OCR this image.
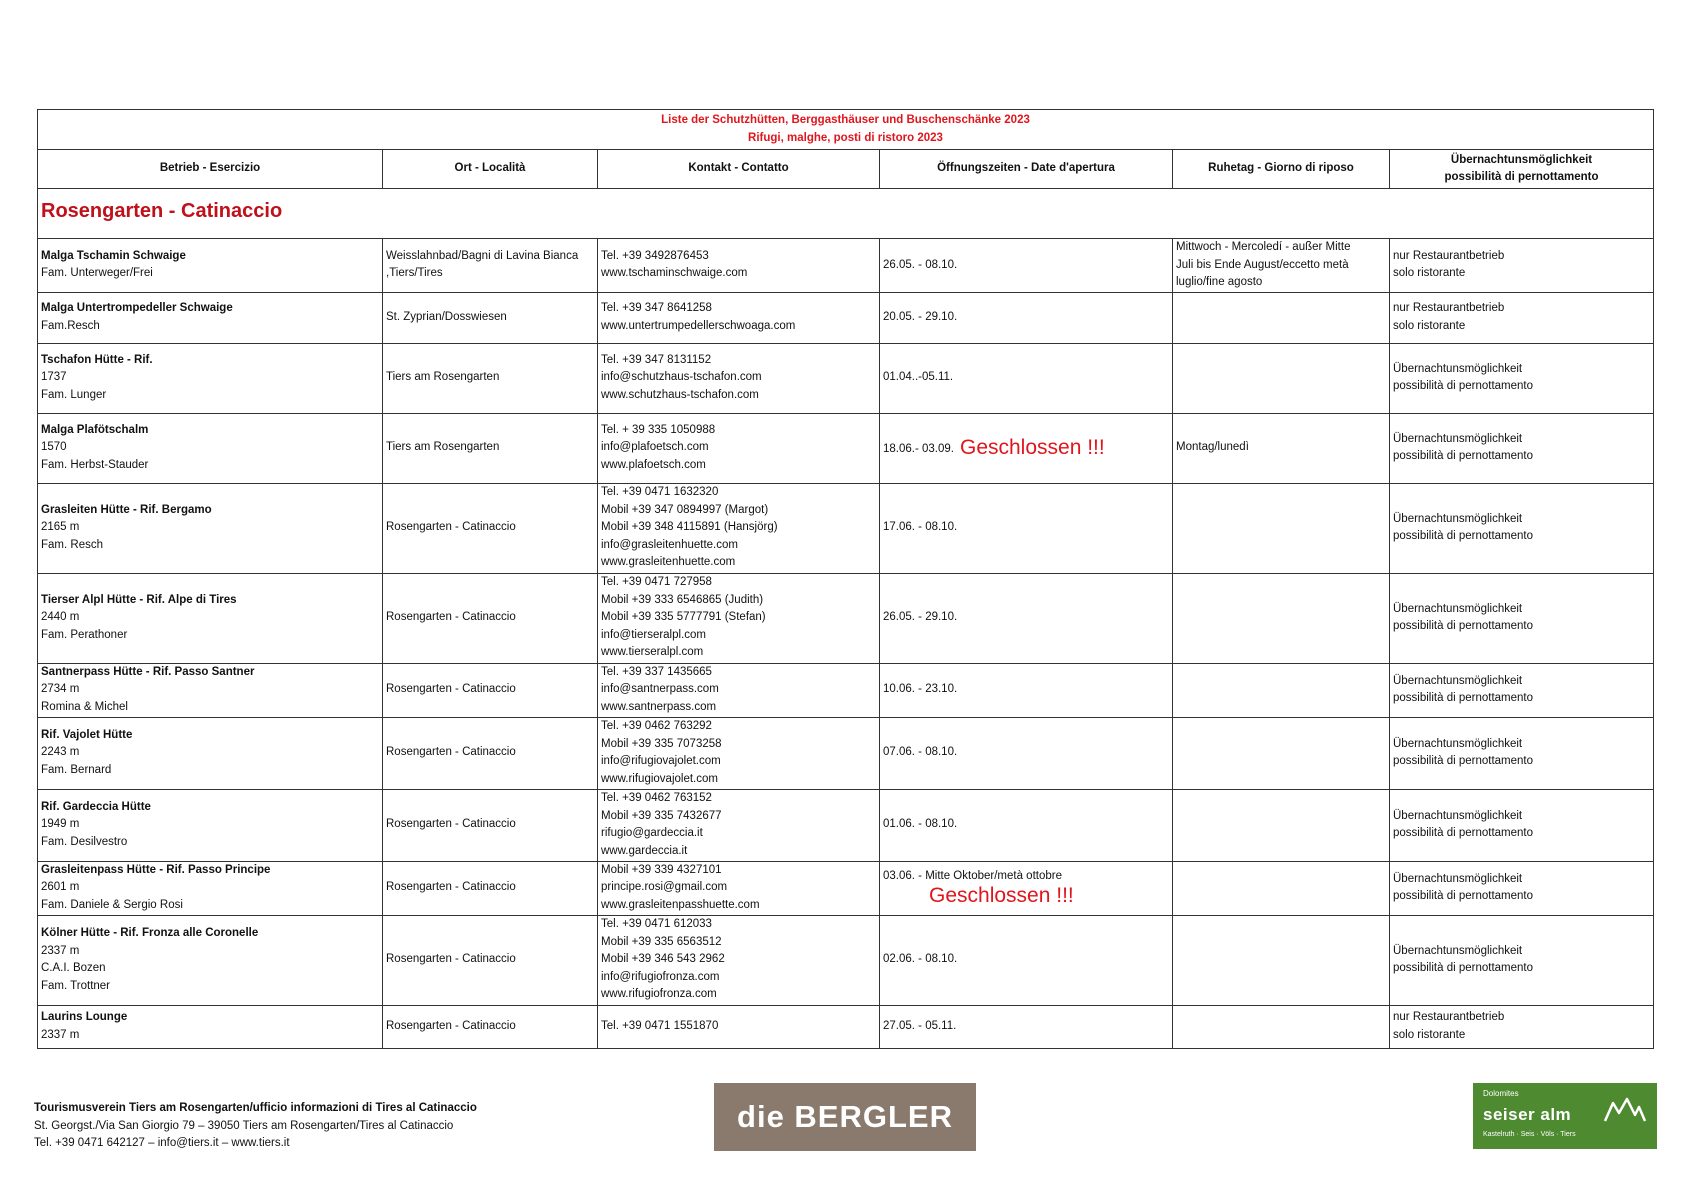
Liste der Schutzhütten, Berggasthäuser und Buschenschänke 2023
Rifugi, malghe, posti di ristoro 2023					

Betrieb - Esercizio	Ort - Località	Kontakt - Contatto	Öffnungszeiten - Date d'apertura	Ruhetag - Giorno di riposo	Übernachtunsmöglichkeit
possibilità di pernottamento

Rosengarten - Catinaccio					

Malga Tschamin Schwaige
Fam. Unterweger/Frei	Weisslahnbad/Bagni di Lavina Bianca
,Tiers/Tires	Tel. +39 3492876453
www.tschaminschwaige.com	26.05. - 08.10.	Mittwoch - Mercoledí - außer Mitte
Juli bis Ende August/eccetto metà
luglio/fine agosto	nur Restaurantbetrieb
solo ristorante

Malga Untertrompedeller Schwaige
Fam.Resch	St. Zyprian/Dosswiesen	Tel. +39 347 8641258
www.untertrumpedellerschwoaga.com	20.05. - 29.10.		nur Restaurantbetrieb
solo ristorante

Tschafon Hütte - Rif.
1737
Fam. Lunger	Tiers am Rosengarten	Tel. +39 347 8131152
info@schutzhaus-tschafon.com
www.schutzhaus-tschafon.com	01.04..-05.11.		Übernachtunsmöglichkeit
possibilità di pernottamento

Malga Plafötschalm
1570
Fam. Herbst-Stauder	Tiers am Rosengarten	Tel. + 39 335 1050988
info@plafoetsch.com
www.plafoetsch.com	18.06.- 03.09. Geschlossen !!!	Montag/lunedì	Übernachtunsmöglichkeit
possibilità di pernottamento

Grasleiten Hütte - Rif. Bergamo
2165 m
Fam. Resch	Rosengarten - Catinaccio	Tel. +39 0471 1632320
Mobil +39 347 0894997 (Margot)
Mobil +39 348 4115891 (Hansjörg)
info@grasleitenhuette.com
www.grasleitenhuette.com	17.06. - 08.10.		Übernachtunsmöglichkeit
possibilità di pernottamento

Tierser Alpl Hütte - Rif. Alpe di Tires
2440 m
Fam. Perathoner	Rosengarten - Catinaccio	Tel. +39 0471 727958
Mobil +39 333 6546865 (Judith)
Mobil +39 335 5777791 (Stefan)
info@tierseralpl.com
www.tierseralpl.com	26.05. - 29.10.		Übernachtunsmöglichkeit
possibilità di pernottamento

Santnerpass Hütte - Rif. Passo Santner
2734 m
Romina & Michel	Rosengarten - Catinaccio	Tel. +39 337 1435665
info@santnerpass.com
www.santnerpass.com	10.06. - 23.10.		Übernachtunsmöglichkeit
possibilità di pernottamento

Rif. Vajolet Hütte
2243 m
Fam. Bernard	Rosengarten - Catinaccio	Tel. +39 0462 763292
Mobil +39 335 7073258
info@rifugiovajolet.com
www.rifugiovajolet.com	07.06. - 08.10.		Übernachtunsmöglichkeit
possibilità di pernottamento

Rif. Gardeccia Hütte
1949 m
Fam. Desilvestro	Rosengarten - Catinaccio	Tel. +39 0462 763152
Mobil +39 335 7432677
rifugio@gardeccia.it
www.gardeccia.it	01.06. - 08.10.		Übernachtunsmöglichkeit
possibilità di pernottamento

Grasleitenpass Hütte - Rif. Passo Principe
2601 m
Fam. Daniele & Sergio Rosi	Rosengarten - Catinaccio	Mobil +39 339 4327101
principe.rosi@gmail.com
www.grasleitenpasshuette.com	03.06. - Mitte Oktober/metà ottobre
Geschlossen !!!		Übernachtunsmöglichkeit
possibilità di pernottamento

Kölner Hütte - Rif. Fronza alle Coronelle
2337 m
C.A.I. Bozen
Fam. Trottner	Rosengarten - Catinaccio	Tel. +39 0471 612033
Mobil +39 335 6563512
Mobil +39 346 543 2962
info@rifugiofronza.com
www.rifugiofronza.com	02.06. - 08.10.		Übernachtunsmöglichkeit
possibilità di pernottamento

Laurins Lounge
2337 m	Rosengarten - Catinaccio	Tel. +39 0471 1551870	27.05. - 05.11.		nur Restaurantbetrieb
solo ristorante
Tourismusverein Tiers am Rosengarten/ufficio informazioni di Tires al Catinaccio
St. Georgst./Via San Giorgio 79 – 39050 Tiers am Rosengarten/Tires al Catinaccio
Tel. +39 0471 642127 – info@tiers.it – www.tiers.it
die BERGLER
Dolomites
seiser alm
Kastelruth · Seis · Völs · Tiers
